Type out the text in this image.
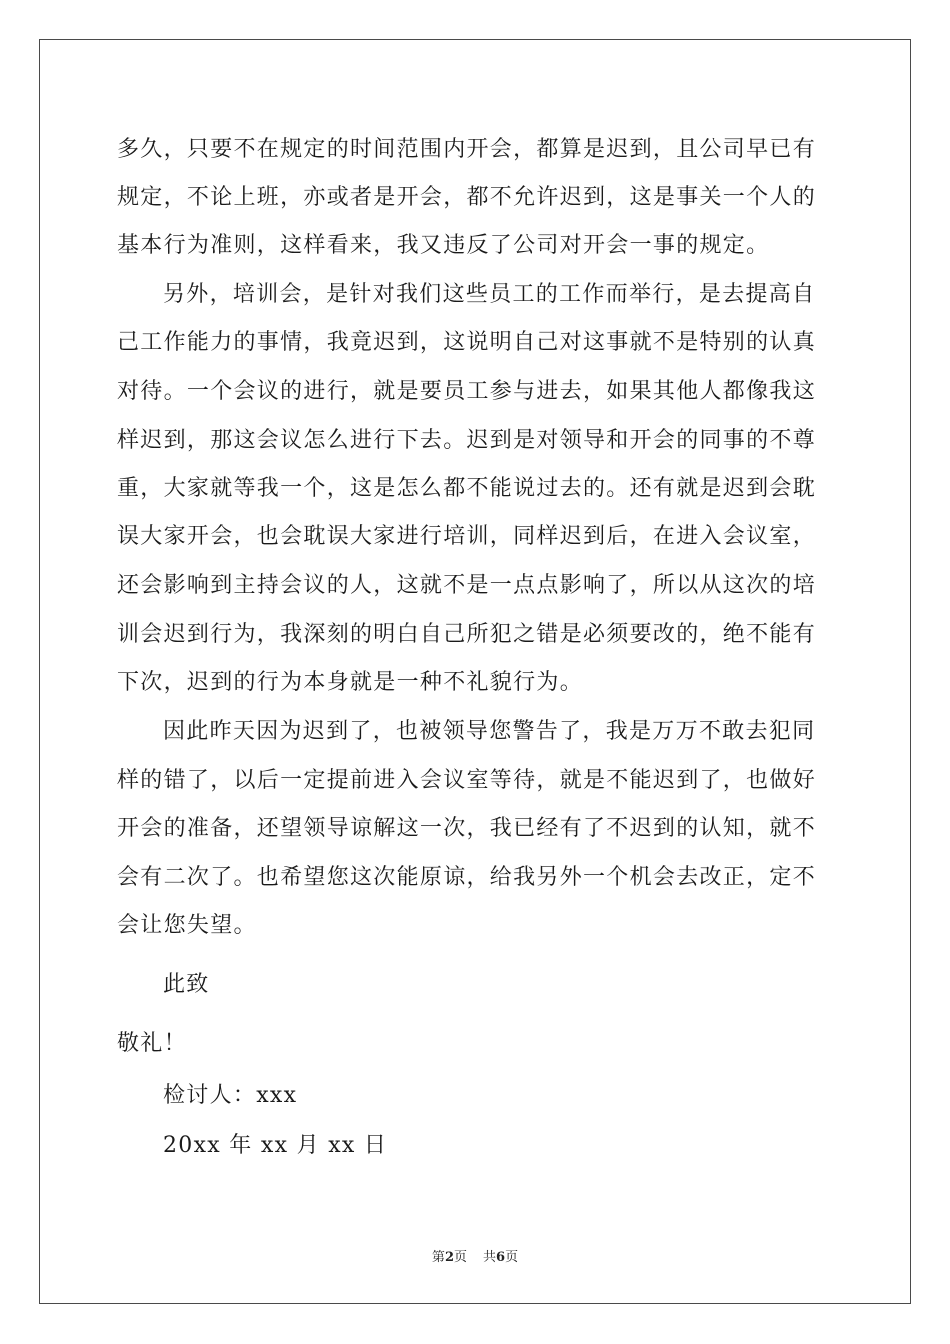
多久，只要不在规定的时间范围内开会，都算是迟到，且公司早已有
规定，不论上班，亦或者是开会，都不允许迟到，这是事关一个人的
基本行为准则，这样看来，我又违反了公司对开会一事的规定。
另外，培训会，是针对我们这些员工的工作而举行，是去提高自
己工作能力的事情，我竟迟到，这说明自己对这事就不是特别的认真
对待。一个会议的进行，就是要员工参与进去，如果其他人都像我这
样迟到，那这会议怎么进行下去。迟到是对领导和开会的同事的不尊
重，大家就等我一个，这是怎么都不能说过去的。还有就是迟到会耽
误大家开会，也会耽误大家进行培训，同样迟到后，在进入会议室，
还会影响到主持会议的人，这就不是一点点影响了，所以从这次的培
训会迟到行为，我深刻的明白自己所犯之错是必须要改的，绝不能有
下次，迟到的行为本身就是一种不礼貌行为。
因此昨天因为迟到了，也被领导您警告了，我是万万不敢去犯同
样的错了，以后一定提前进入会议室等待，就是不能迟到了，也做好
开会的准备，还望领导谅解这一次，我已经有了不迟到的认知，就不
会有二次了。也希望您这次能原谅，给我另外一个机会去改正，定不
会让您失望。
此致
敬礼！
检讨人：xxx
20xx 年 xx 月 xx 日
第2页 共6页
